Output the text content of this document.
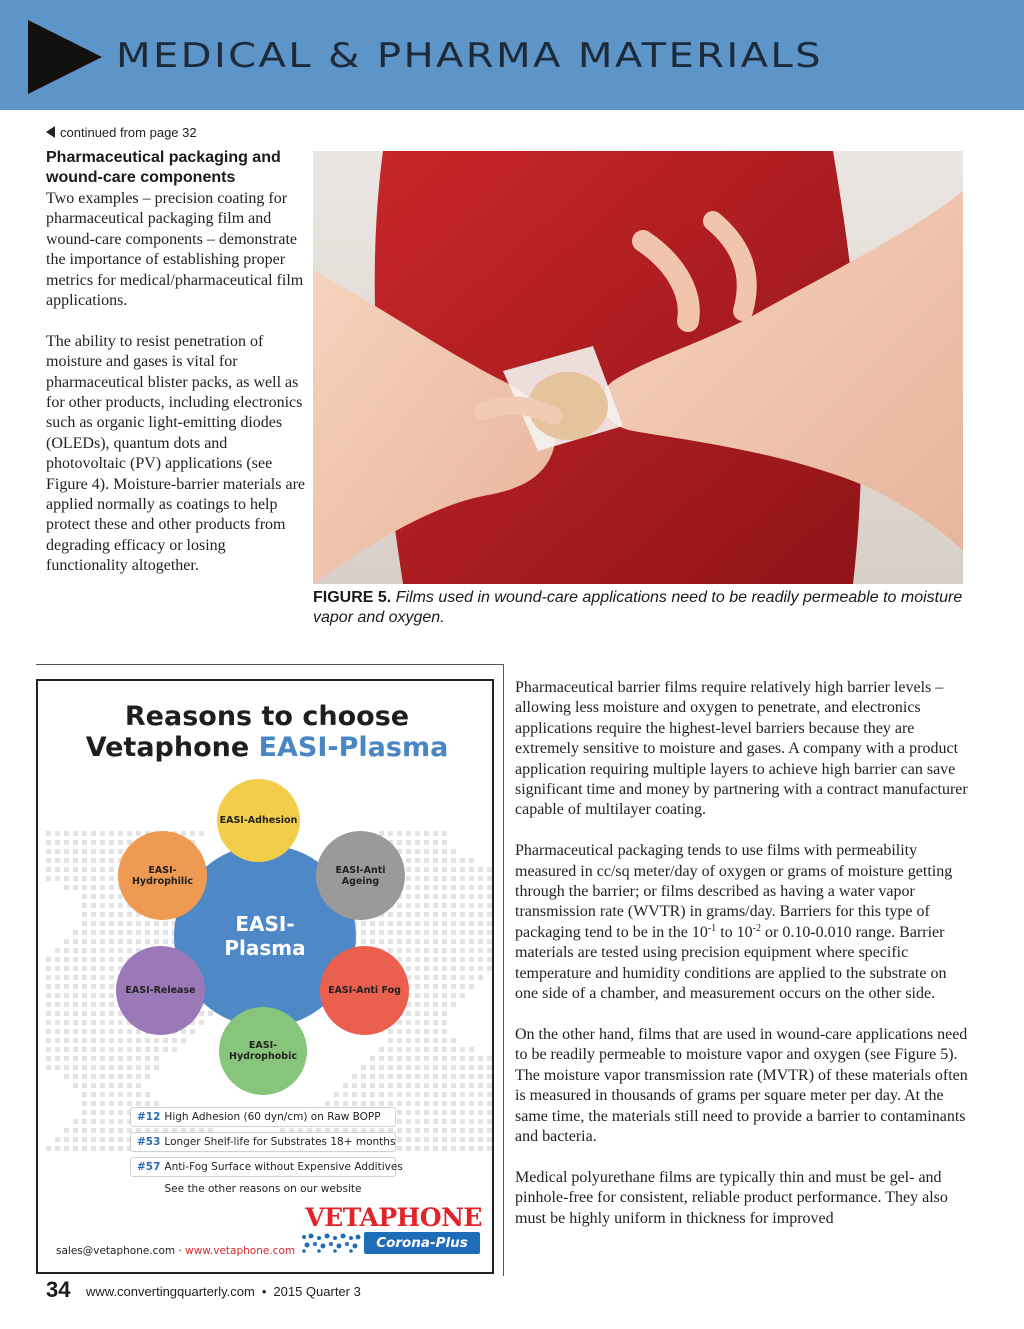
MEDICAL & PHARMA MATERIALS
continued from page 32
Pharmaceutical packaging and wound-care components

Two examples – precision coating for pharmaceutical packaging film and wound-care components – demonstrate the importance of establishing proper metrics for medical/pharmaceutical film applications.

The ability to resist penetration of moisture and gases is vital for pharmaceutical blister packs, as well as for other products, including electronics such as organic light-emitting diodes (OLEDs), quantum dots and photovoltaic (PV) applications (see Figure 4). Moisture-barrier materials are applied normally as coatings to help protect these and other products from degrading efficacy or losing functionality altogether.

FIGURE 5. Films used in wound-care applications need to be readily permeable to moisture vapor and oxygen.
Reasons to choose
Vetaphone EASI-Plasma
EASI-
Plasma
EASI-Adhesion
EASI-Hydrophilic
EASI-Anti Ageing
EASI-Release	EASI-Anti Fog
EASI-Hydrophobic
#12 High Adhesion (60 dyn/cm) on Raw BOPP
#53 Longer Shelf-life for Substrates 18+ months
#57 Anti-Fog Surface without Expensive Additives
See the other reasons on our website
VETAPHONE
Corona-Plus
sales@vetaphone.com · www.vetaphone.com

Pharmaceutical barrier films require relatively high barrier levels – allowing less moisture and oxygen to penetrate, and electronics applications require the highest-level barriers because they are extremely sensitive to moisture and gases. A company with a product application requiring multiple layers to achieve high barrier can save significant time and money by partnering with a contract manufacturer capable of multilayer coating.

Pharmaceutical packaging tends to use films with permeability measured in cc/sq meter/day of oxygen or grams of moisture getting through the barrier; or films described as having a water vapor transmission rate (WVTR) in grams/day. Barriers for this type of packaging tend to be in the $10^{-1}$ to $10^{-2}$ or 0.10-0.010 range. Barrier materials are tested using precision equipment where specific temperature and humidity conditions are applied to the substrate on one side of a chamber, and measurement occurs on the other side.

On the other hand, films that are used in wound-care applications need to be readily permeable to moisture vapor and oxygen (see Figure 5). The moisture vapor transmission rate (MVTR) of these materials often is measured in thousands of grams per square meter per day. At the same time, the materials still need to provide a barrier to contaminants and bacteria.

Medical polyurethane films are typically thin and must be gel- and pinhole-free for consistent, reliable product performance. They also must be highly uniform in thickness for improved

34 www.convertingquarterly.com • 2015 Quarter 3
